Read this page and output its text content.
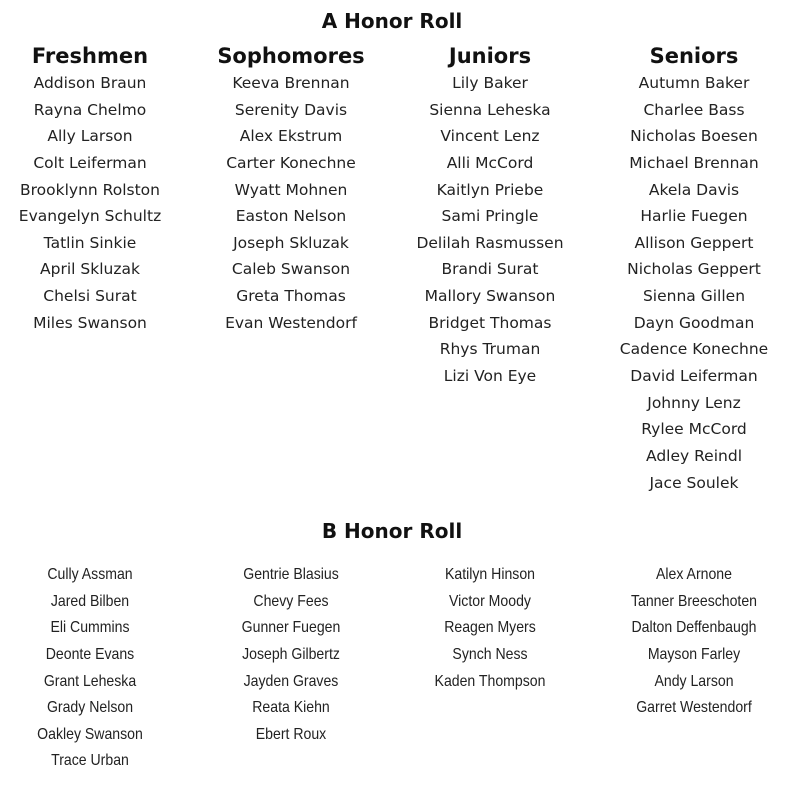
A Honor Roll
Freshmen
Addison Braun
Rayna Chelmo
Ally Larson
Colt Leiferman
Brooklynn Rolston
Evangelyn Schultz
Tatlin Sinkie
April Skluzak
Chelsi Surat
Miles Swanson
Sophomores
Keeva Brennan
Serenity Davis
Alex Ekstrum
Carter Konechne
Wyatt Mohnen
Easton Nelson
Joseph Skluzak
Caleb Swanson
Greta Thomas
Evan Westendorf
Juniors
Lily Baker
Sienna Leheska
Vincent Lenz
Alli McCord
Kaitlyn Priebe
Sami Pringle
Delilah Rasmussen
Brandi Surat
Mallory Swanson
Bridget Thomas
Rhys Truman
Lizi Von Eye
Seniors
Autumn Baker
Charlee Bass
Nicholas Boesen
Michael Brennan
Akela Davis
Harlie Fuegen
Allison Geppert
Nicholas Geppert
Sienna Gillen
Dayn Goodman
Cadence Konechne
David Leiferman
Johnny Lenz
Rylee McCord
Adley Reindl
Jace Soulek
B Honor Roll
Cully Assman
Jared Bilben
Eli Cummins
Deonte Evans
Grant Leheska
Grady Nelson
Oakley Swanson
Trace Urban
Gentrie Blasius
Chevy Fees
Gunner Fuegen
Joseph Gilbertz
Jayden Graves
Reata Kiehn
Ebert Roux
Katilyn Hinson
Victor Moody
Reagen Myers
Synch Ness
Kaden Thompson
Alex Arnone
Tanner Breeschoten
Dalton Deffenbaugh
Mayson Farley
Andy Larson
Garret Westendorf
